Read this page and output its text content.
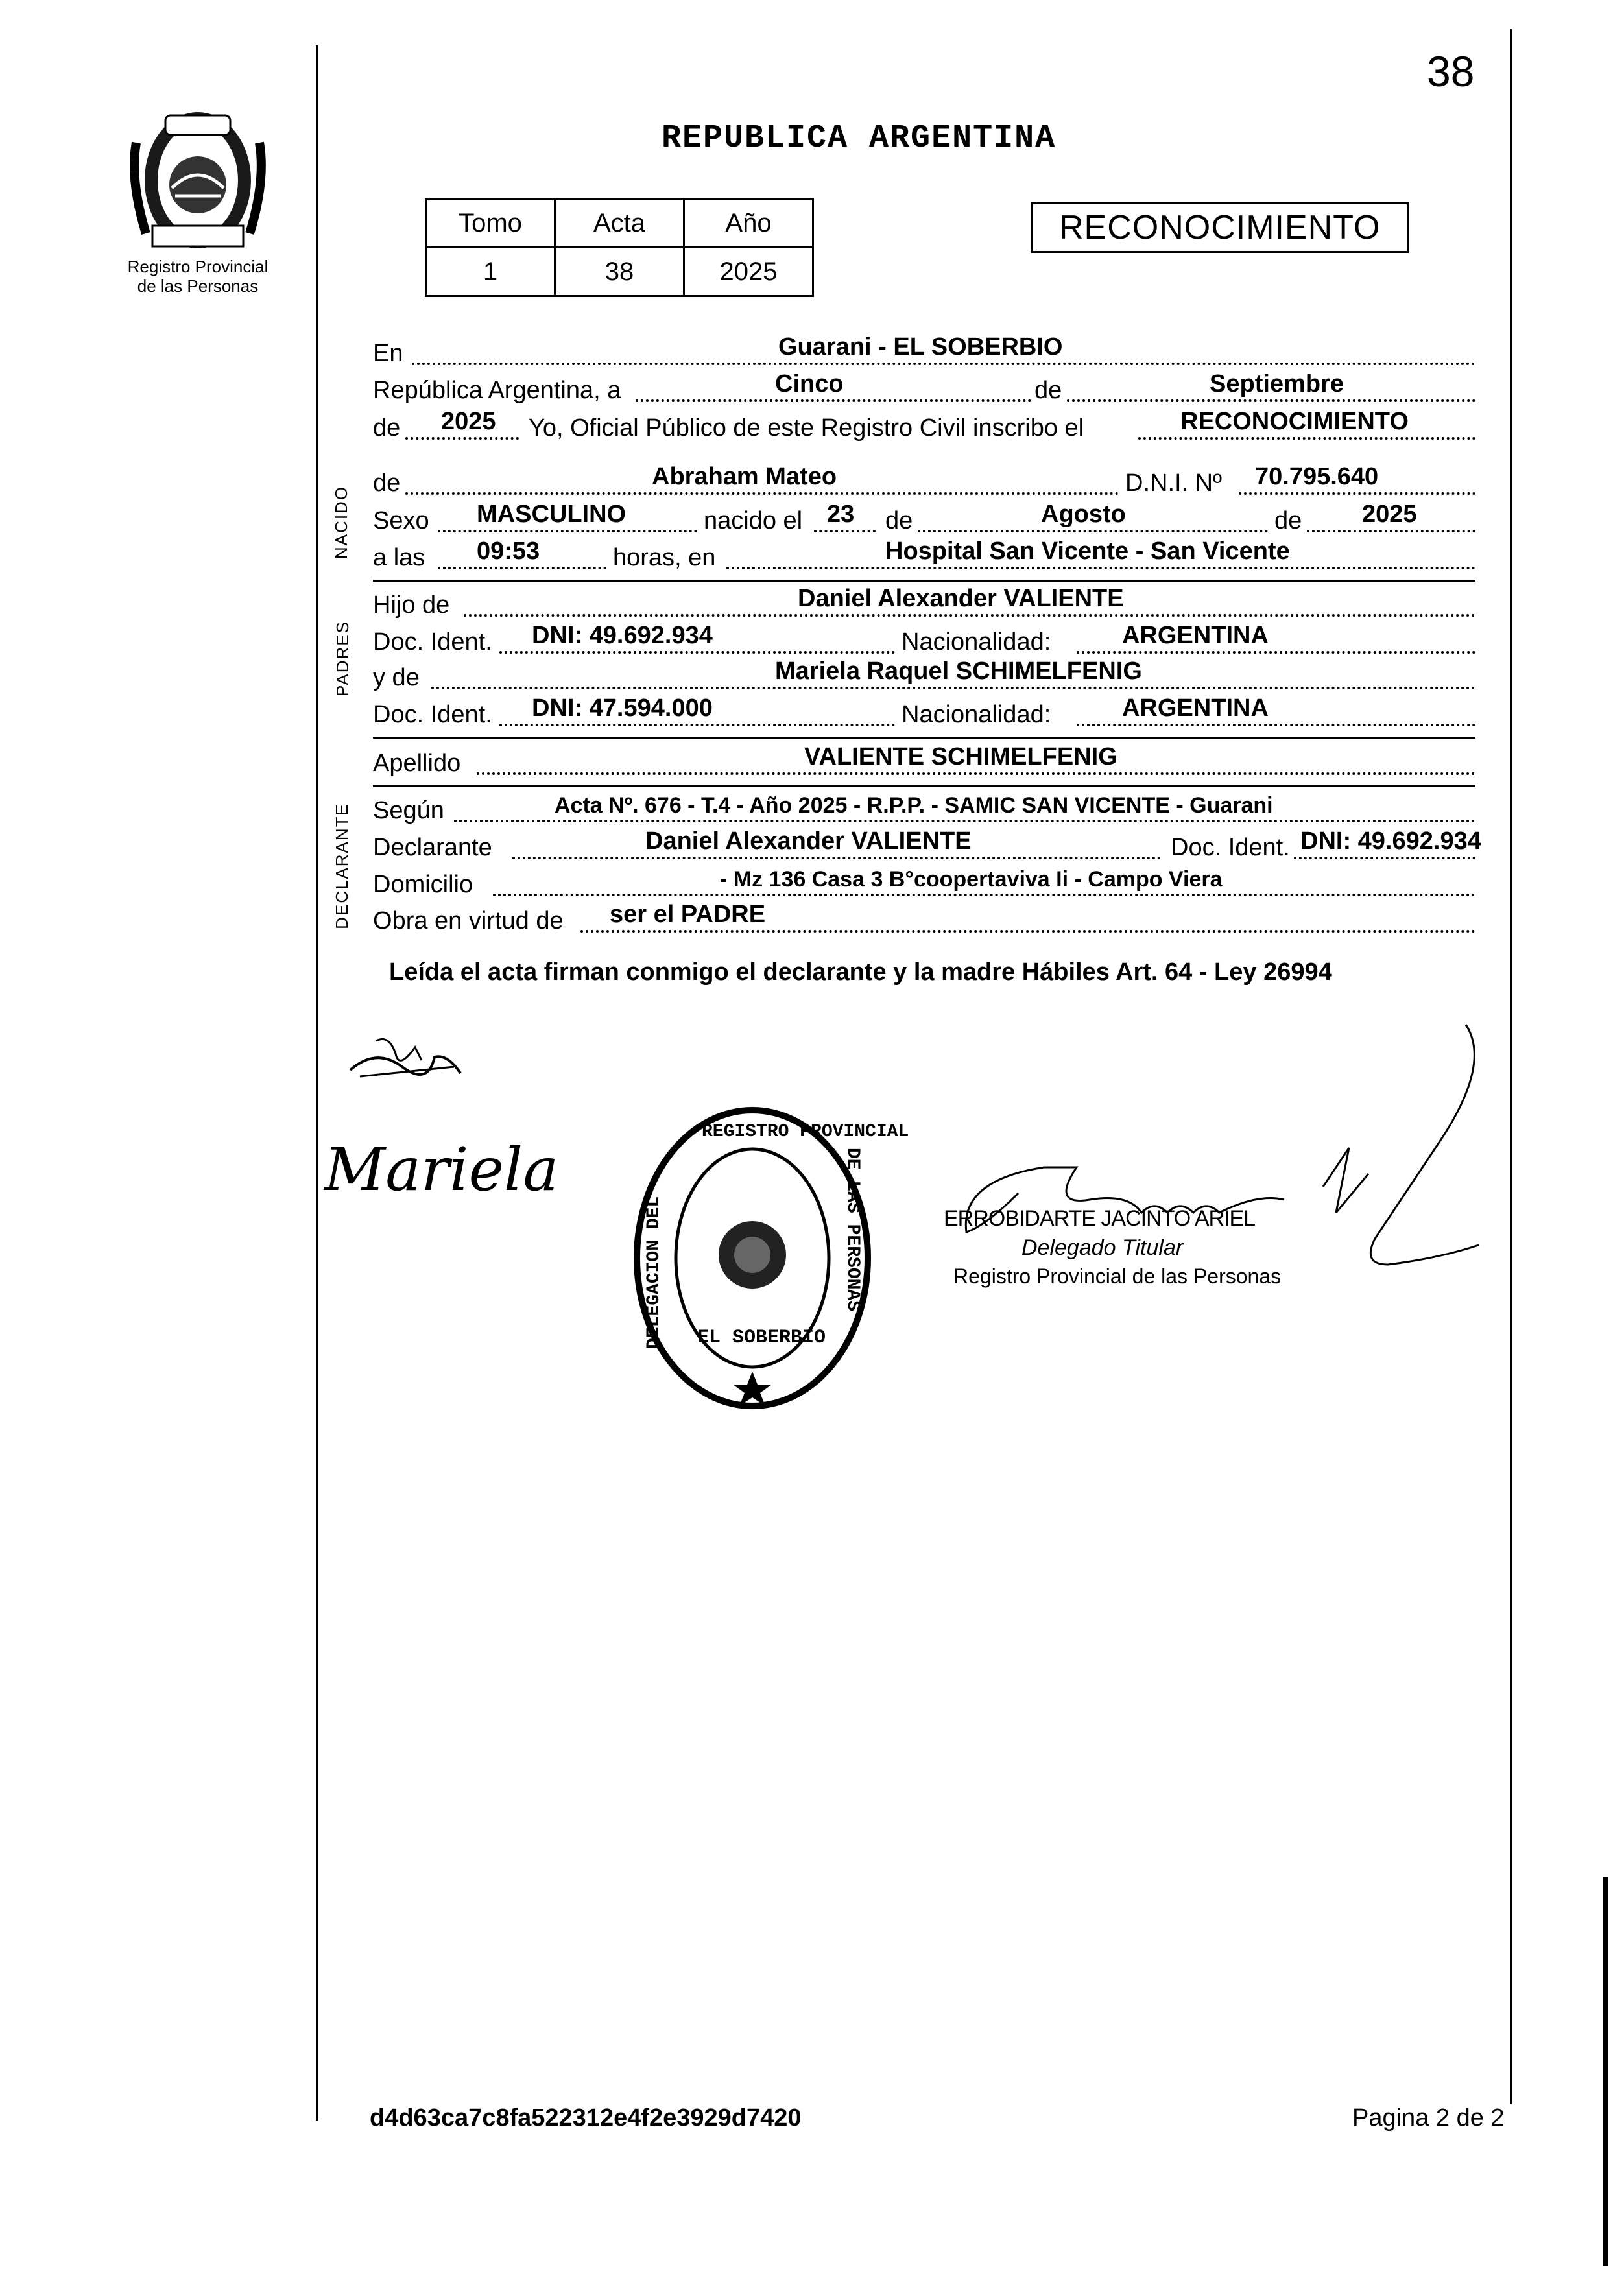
38
Registro Provincial
de las Personas
REPUBLICA ARGENTINA
Tomo	Acta	Año
1	38	2025
RECONOCIMIENTO
En	Guarani - EL SOBERBIO
República Argentina, a	Cinco	de	Septiembre
de 2025 Yo, Oficial Público de este Registro Civil inscribo el	RECONOCIMIENTO
NACIDO
de	Abraham Mateo	D.N.I. Nº 70.795.640
Sexo MASCULINO	nacido el 23 de	Agosto	de 2025
a las 09:53	horas, en	Hospital San Vicente - San Vicente
PADRES
Hijo de	Daniel Alexander VALIENTE
Doc. Ident. DNI: 49.692.934	Nacionalidad:	ARGENTINA
y de	Mariela Raquel SCHIMELFENIG
Doc. Ident. DNI: 47.594.000	Nacionalidad:	ARGENTINA
Apellido	VALIENTE SCHIMELFENIG
DECLARANTE Según	Acta Nº. 676 - T.4 - Año 2025 - R.P.P. - SAMIC SAN VICENTE - Guarani
Declarante	Daniel Alexander VALIENTE	Doc. Ident. DNI: 49.692.934
Domicilio	- Mz 136 Casa 3 B°coopertaviva Ii - Campo Viera
Obra en virtud de ser el PADRE
Leída el acta firman conmigo el declarante y la madre Hábiles Art. 64 - Ley 26994
Mariela
REGISTRO PROVINCIAL
DELEGACION DEL	DE LAS PERSONAS
EL SOBERBIO
ERROBIDARTE JACINTO ARIEL
Delegado Titular
Registro Provincial de las Personas
d4d63ca7c8fa522312e4f2e3929d7420	Pagina 2 de 2
